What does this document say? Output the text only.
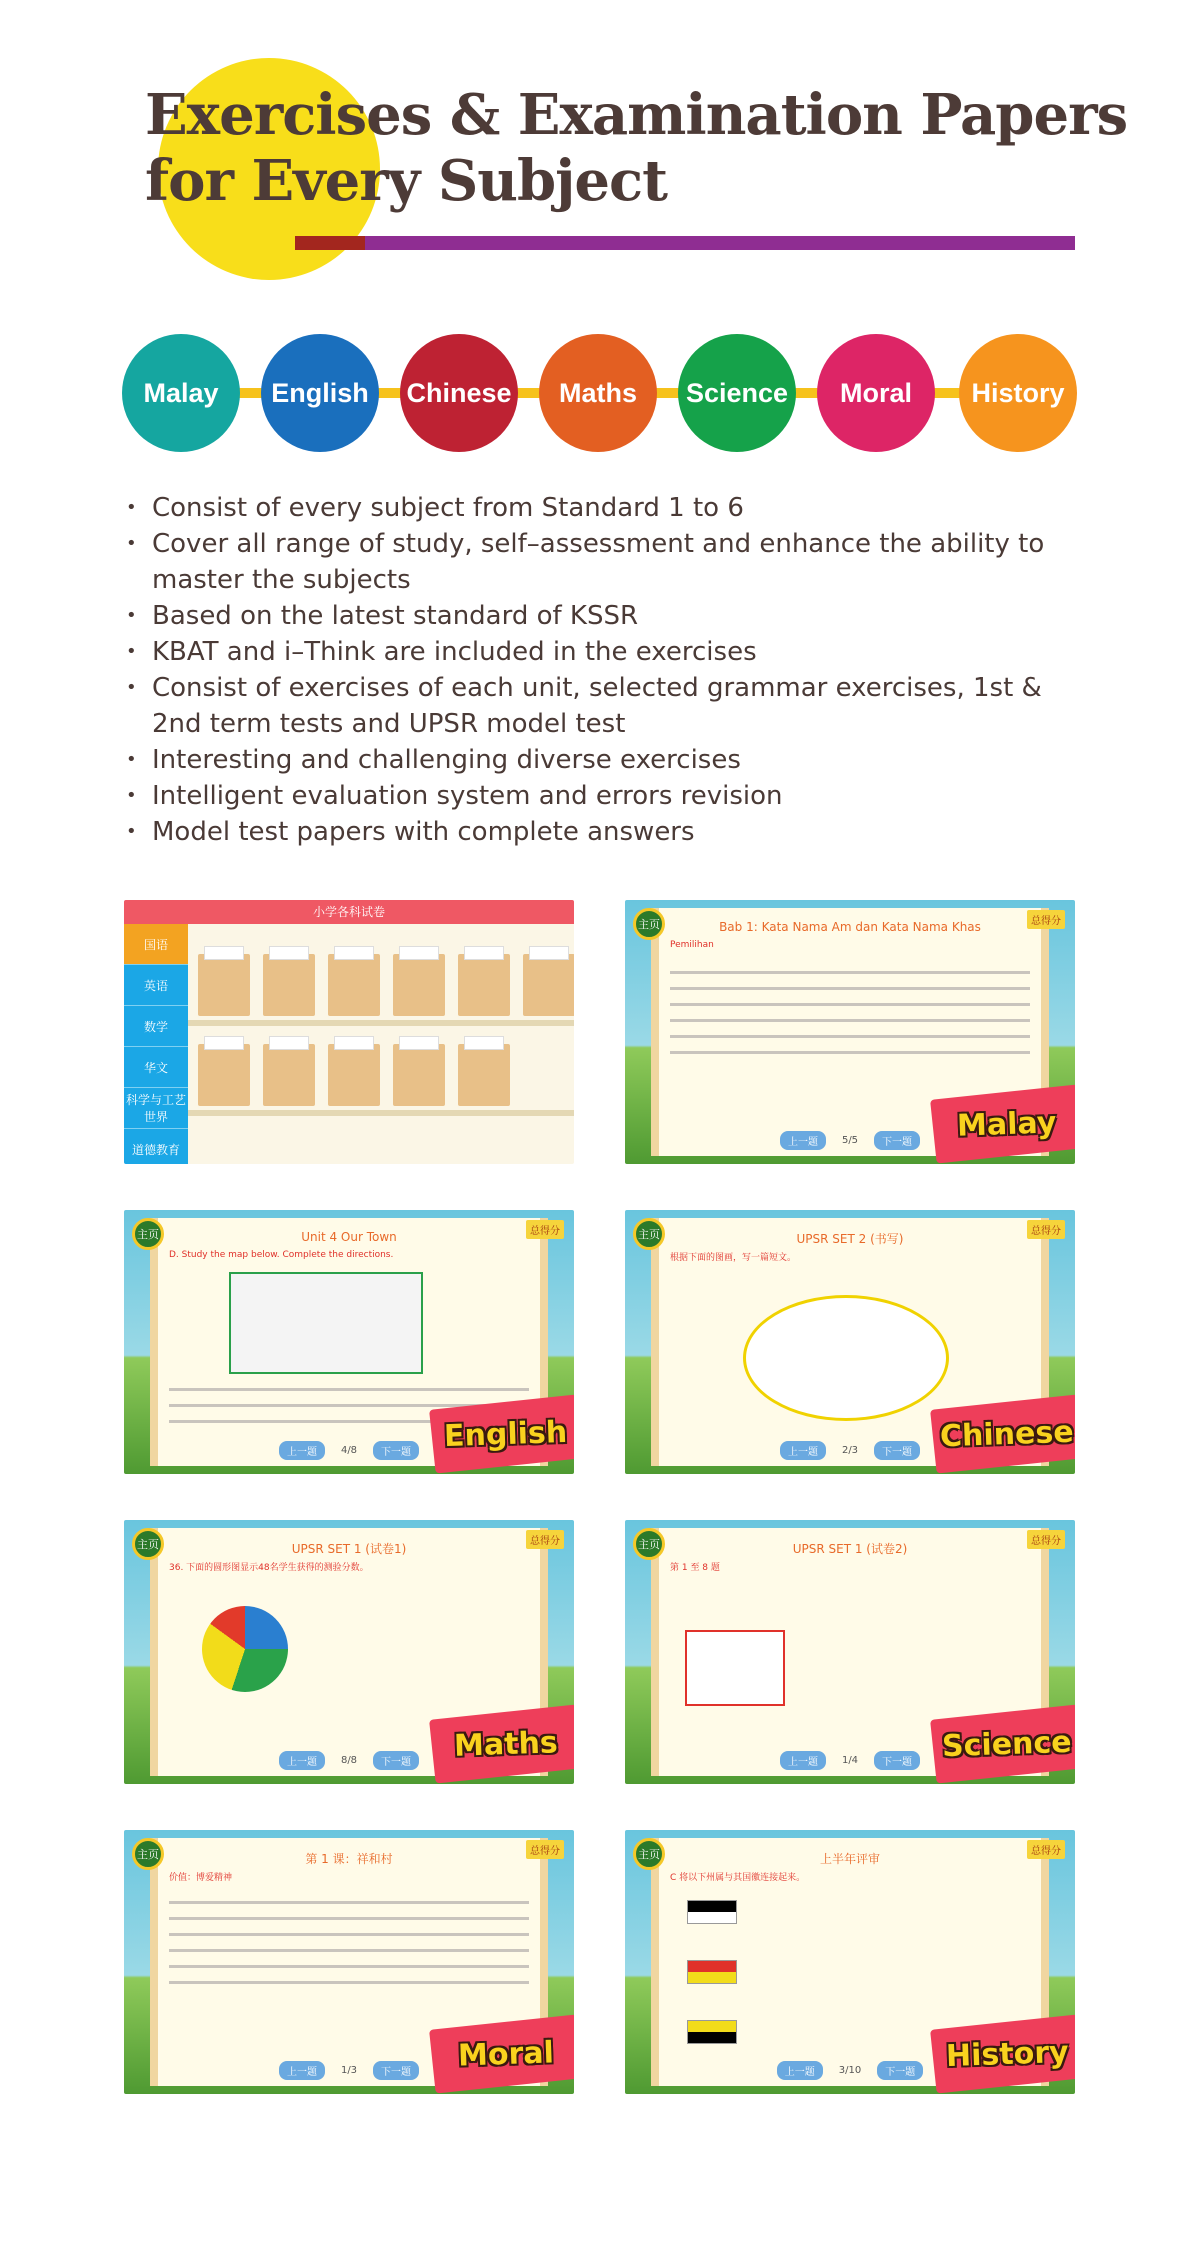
Exercises & Examination Papers
for Every Subject
Malay English Chinese Maths Science Moral History
• Consist of every subject from Standard 1 to 6
• Cover all range of study, self–assessment and enhance the ability to master the subjects
• Based on the latest standard of KSSR
• KBAT and i–Think are included in the exercises
• Consist of exercises of each unit, selected grammar exercises, 1st & 2nd term tests and UPSR model test
• Interesting and challenging diverse exercises
• Intelligent evaluation system and errors revision
• Model test papers with complete answers
小学各科试卷
国语
英语
数学
华文
科学与工艺世界
道德教育
主页	总得分
Bab 1: Kata Nama Am dan Kata Nama Khas
Pemilihan
上一题	5/5	下一题 Malay
主页	总得分
Unit 4 Our Town
D. Study the map below. Complete the directions.
上一题	4/8	下一题 English
主页	总得分
UPSR SET 2 (书写)
根据下面的图画，写一篇短文。
上一题	2/3	下一题 Chinese
主页	总得分
UPSR SET 1 (试卷1)
36. 下面的圆形图显示48名学生获得的测验分数。
上一题	8/8	下一题 Maths
主页	总得分
UPSR SET 1 (试卷2)
第 1 至 8 题
上一题	1/4	下一题 Science
主页	总得分
第 1 课：祥和村
价值：博爱精神
上一题	1/3	下一题 Moral
主页	总得分
上半年评审
C 将以下州属与其国徽连接起来。
上一题	3/10	下一题 History
